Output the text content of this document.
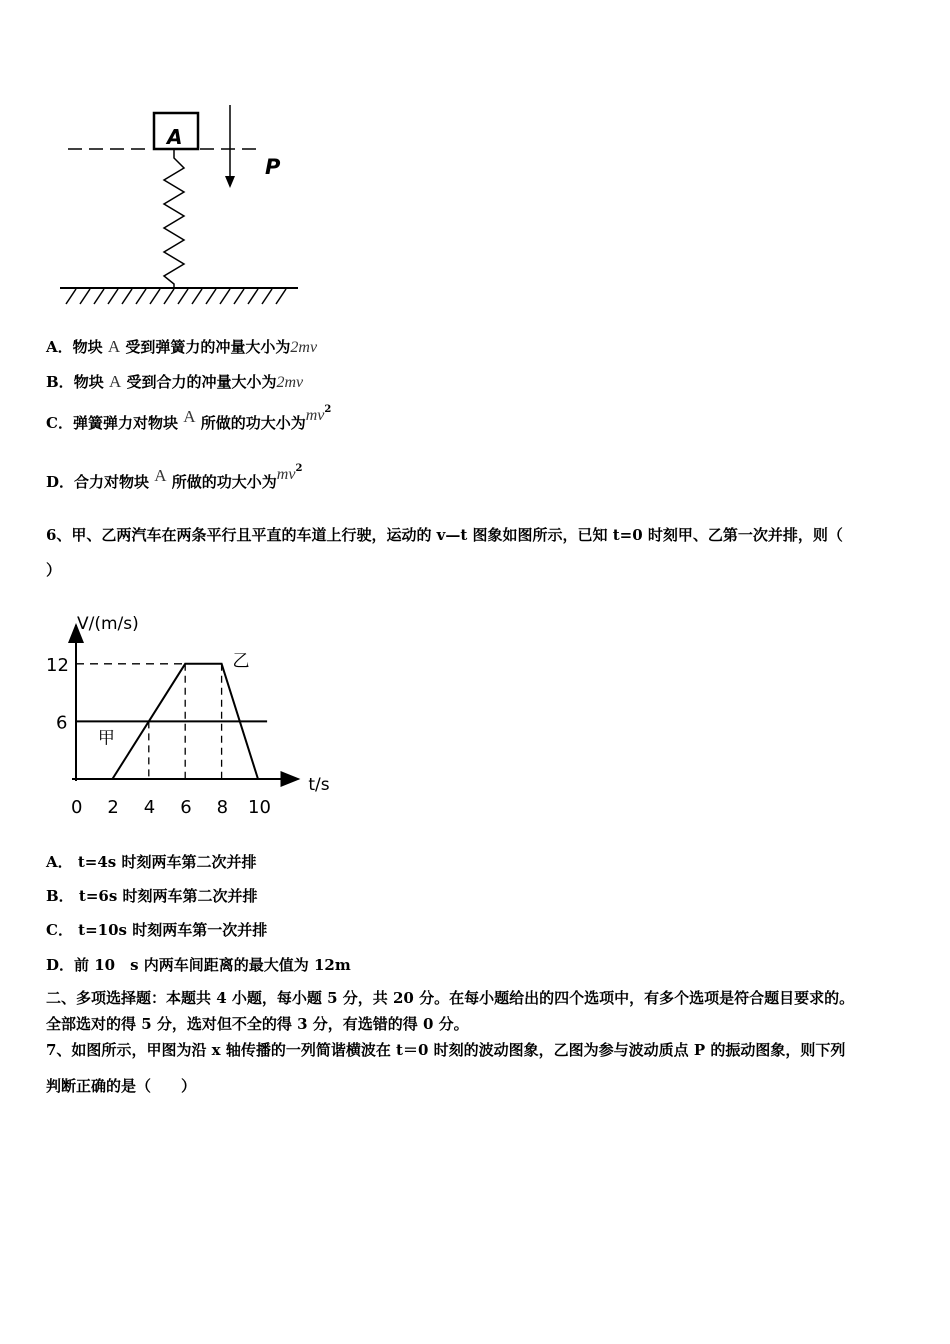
A
P
A．物块 A 受到弹簧力的冲量大小为2mv
B．物块 A 受到合力的冲量大小为2mv
C．弹簧弹力对物块 A 所做的功大小为$mv^2$
D．合力对物块 A 所做的功大小为$mv^2$
6、甲、乙两汽车在两条平行且平直的车道上行驶，运动的 v—t 图象如图所示，已知 t=0 时刻甲、乙第一次并排，则（
）
V/(m/s)
t/s
0 2 4 6 8 10
6
12
甲
乙
A． t=4s 时刻两车第二次并排
B． t=6s 时刻两车第二次并排
C． t=10s 时刻两车第一次并排
D．前 10　s 内两车间距离的最大值为 12m
二、多项选择题：本题共 4 小题，每小题 5 分，共 20 分。在每小题给出的四个选项中，有多个选项是符合题目要求的。
全部选对的得 5 分，选对但不全的得 3 分，有选错的得 0 分。
7、如图所示，甲图为沿 x 轴传播的一列简谐横波在 t＝0 时刻的波动图象，乙图为参与波动质点 P 的振动图象，则下列
判断正确的是（　　）
